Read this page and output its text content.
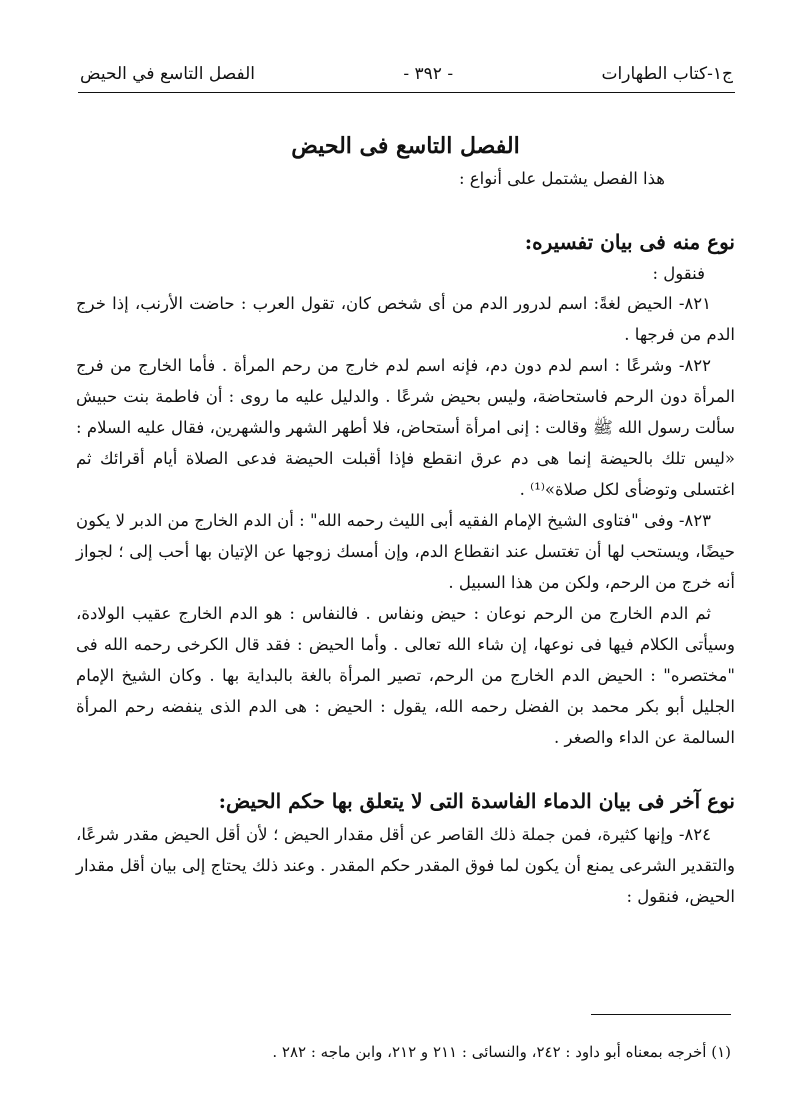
ج١-كتاب الطهارات
- ٣٩٢ -
الفصل التاسع في الحيض
الفصل التاسع فى الحيض

هذا الفصل يشتمل على أنواع :

نوع منه فى بيان تفسيره:

فنقول :

٨٢١- الحيض لغةً: اسم لدرور الدم من أى شخص كان، تقول العرب : حاضت الأرنب، إذا خرج الدم من فرجها .

٨٢٢- وشرعًا : اسم لدم دون دم، فإنه اسم لدم خارج من رحم المرأة . فأما الخارج من فرج المرأة دون الرحم فاستحاضة، وليس بحيض شرعًا . والدليل عليه ما روى : أن فاطمة بنت حبيش سألت رسول الله ﷺ وقالت : إنى امرأة أستحاض، فلا أطهر الشهر والشهرين، فقال عليه السلام : «ليس تلك بالحيضة إنما هى دم عرق انقطع فإذا أقبلت الحيضة فدعى الصلاة أيام أقرائك ثم اغتسلى وتوضأى لكل صلاة»⁽¹⁾ .

٨٢٣- وفى "فتاوى الشيخ الإمام الفقيه أبى الليث رحمه الله" : أن الدم الخارج من الدبر لا يكون حيضًا، ويستحب لها أن تغتسل عند انقطاع الدم، وإن أمسك زوجها عن الإتيان بها أحب إلى ؛ لجواز أنه خرج من الرحم، ولكن من هذا السبيل .

ثم الدم الخارج من الرحم نوعان : حيض ونفاس . فالنفاس : هو الدم الخارج عقيب الولادة، وسيأتى الكلام فيها فى نوعها، إن شاء الله تعالى . وأما الحيض : فقد قال الكرخى رحمه الله فى "مختصره" : الحيض الدم الخارج من الرحم، تصير المرأة بالغة بالبداية بها . وكان الشيخ الإمام الجليل أبو بكر محمد بن الفضل رحمه الله، يقول : الحيض : هى الدم الذى ينفضه رحم المرأة السالمة عن الداء والصغر .

نوع آخر فى بيان الدماء الفاسدة التى لا يتعلق بها حكم الحيض:

٨٢٤- وإنها كثيرة، فمن جملة ذلك القاصر عن أقل مقدار الحيض ؛ لأن أقل الحيض مقدر شرعًا، والتقدير الشرعى يمنع أن يكون لما فوق المقدر حكم المقدر . وعند ذلك يحتاج إلى بيان أقل مقدار الحيض، فنقول :

(١) أخرجه بمعناه أبو داود : ٢٤٢، والنسائى : ٢١١ و ٢١٢، وابن ماجه : ٢٨٢ .
